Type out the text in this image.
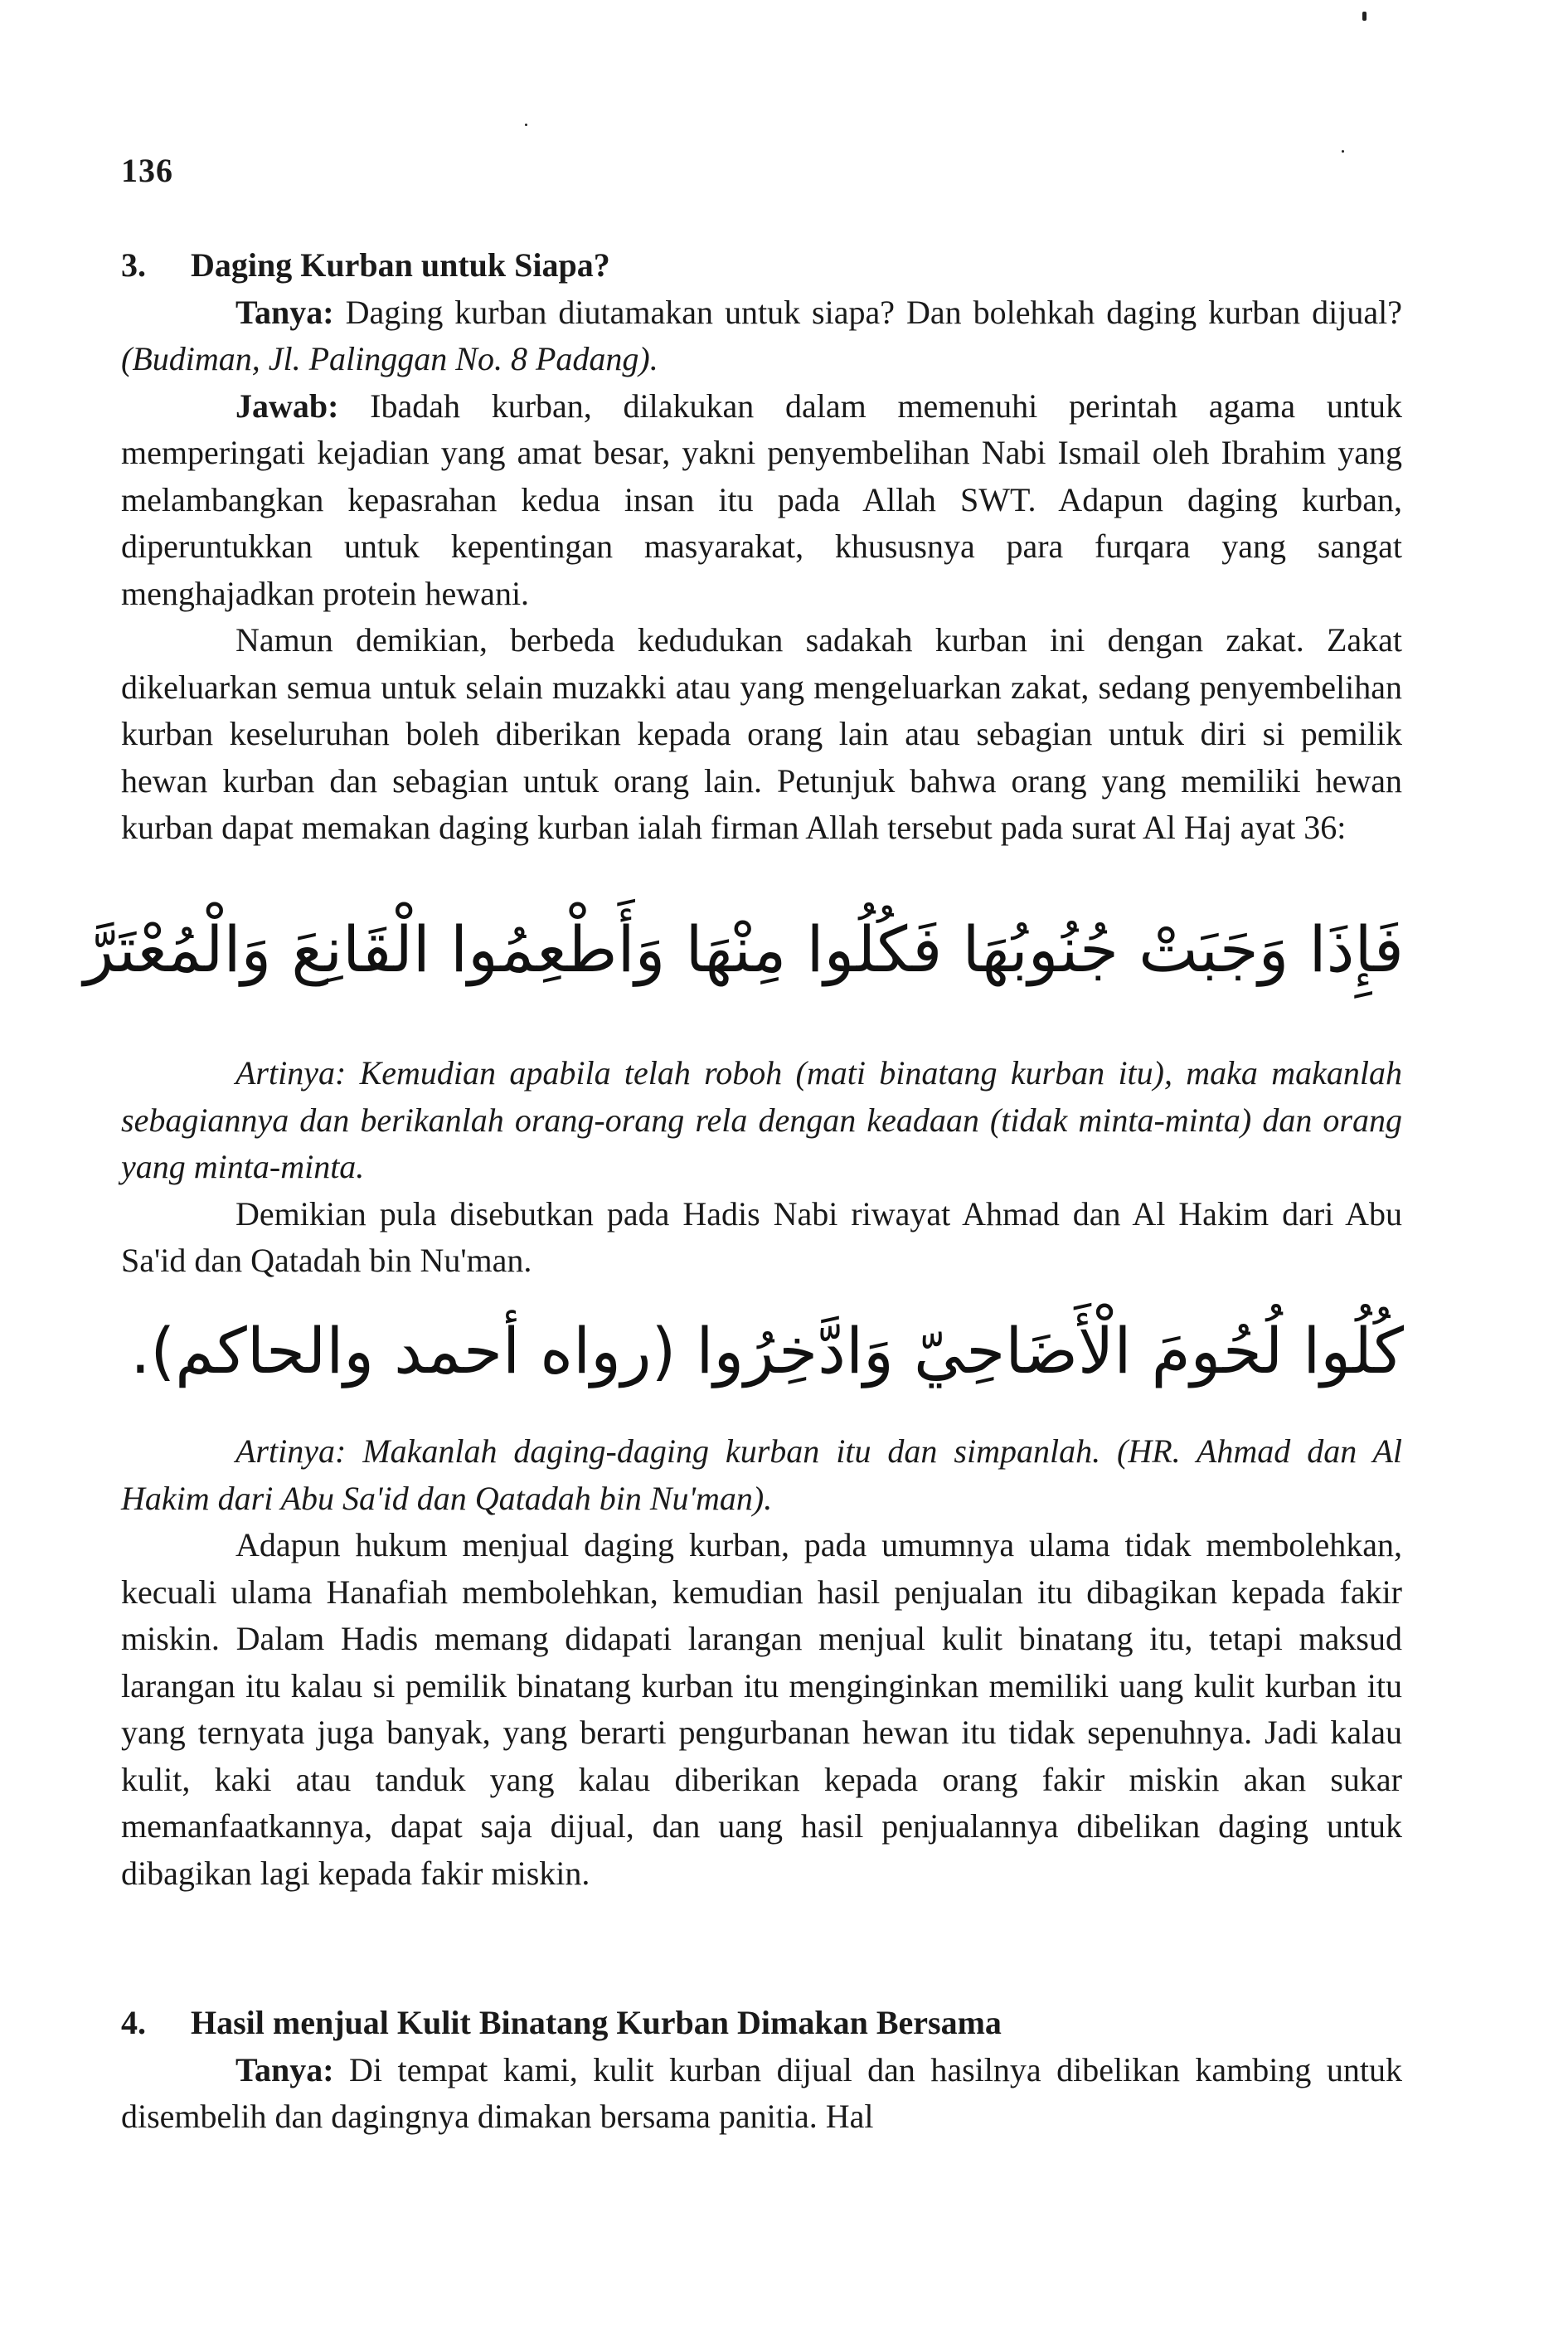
136
3. Daging Kurban untuk Siapa?

Tanya: Daging kurban diutamakan untuk siapa? Dan bolehkah daging kurban dijual? (Budiman, Jl. Palinggan No. 8 Padang).

Jawab: Ibadah kurban, dilakukan dalam memenuhi perintah agama untuk memperingati kejadian yang amat besar, yakni penyembelihan Nabi Ismail oleh Ibrahim yang melambangkan kepasrahan kedua insan itu pada Allah SWT. Adapun daging kurban, diperuntukkan untuk kepentingan masyarakat, khususnya para furqara yang sangat menghajadkan protein hewani.

Namun demikian, berbeda kedudukan sadakah kurban ini dengan zakat. Zakat dikeluarkan semua untuk selain muzakki atau yang mengeluarkan zakat, sedang penyembelihan kurban keseluruhan boleh diberikan kepada orang lain atau sebagian untuk diri si pemilik hewan kurban dan sebagian untuk orang lain. Petunjuk bahwa orang yang memiliki hewan kurban dapat memakan daging kurban ialah firman Allah tersebut pada surat Al Haj ayat 36:

فَإِذَا وَجَبَتْ جُنُوبُهَا فَكُلُوا مِنْهَا وَأَطْعِمُوا الْقَانِعَ وَالْمُعْتَرَّ

Artinya: Kemudian apabila telah roboh (mati binatang kurban itu), maka makanlah sebagiannya dan berikanlah orang-orang rela dengan keadaan (tidak minta-minta) dan orang yang minta-minta.

Demikian pula disebutkan pada Hadis Nabi riwayat Ahmad dan Al Hakim dari Abu Sa'id dan Qatadah bin Nu'man.

كُلُوا لُحُومَ الْأَضَاحِيّ وَادَّخِرُوا (رواه أحمد والحاكم).

Artinya: Makanlah daging-daging kurban itu dan simpanlah. (HR. Ahmad dan Al Hakim dari Abu Sa'id dan Qatadah bin Nu'man).

Adapun hukum menjual daging kurban, pada umumnya ulama tidak membolehkan, kecuali ulama Hanafiah membolehkan, kemudian hasil penjualan itu dibagikan kepada fakir miskin. Dalam Hadis memang didapati larangan menjual kulit binatang itu, tetapi maksud larangan itu kalau si pemilik binatang kurban itu menginginkan memiliki uang kulit kurban itu yang ternyata juga banyak, yang berarti pengurbanan hewan itu tidak sepenuhnya. Jadi kalau kulit, kaki atau tanduk yang kalau diberikan kepada orang fakir miskin akan sukar memanfaatkannya, dapat saja dijual, dan uang hasil penjualannya dibelikan daging untuk dibagikan lagi kepada fakir miskin.

4. Hasil menjual Kulit Binatang Kurban Dimakan Bersama

Tanya: Di tempat kami, kulit kurban dijual dan hasilnya dibelikan kambing untuk disembelih dan dagingnya dimakan bersama panitia. Hal
